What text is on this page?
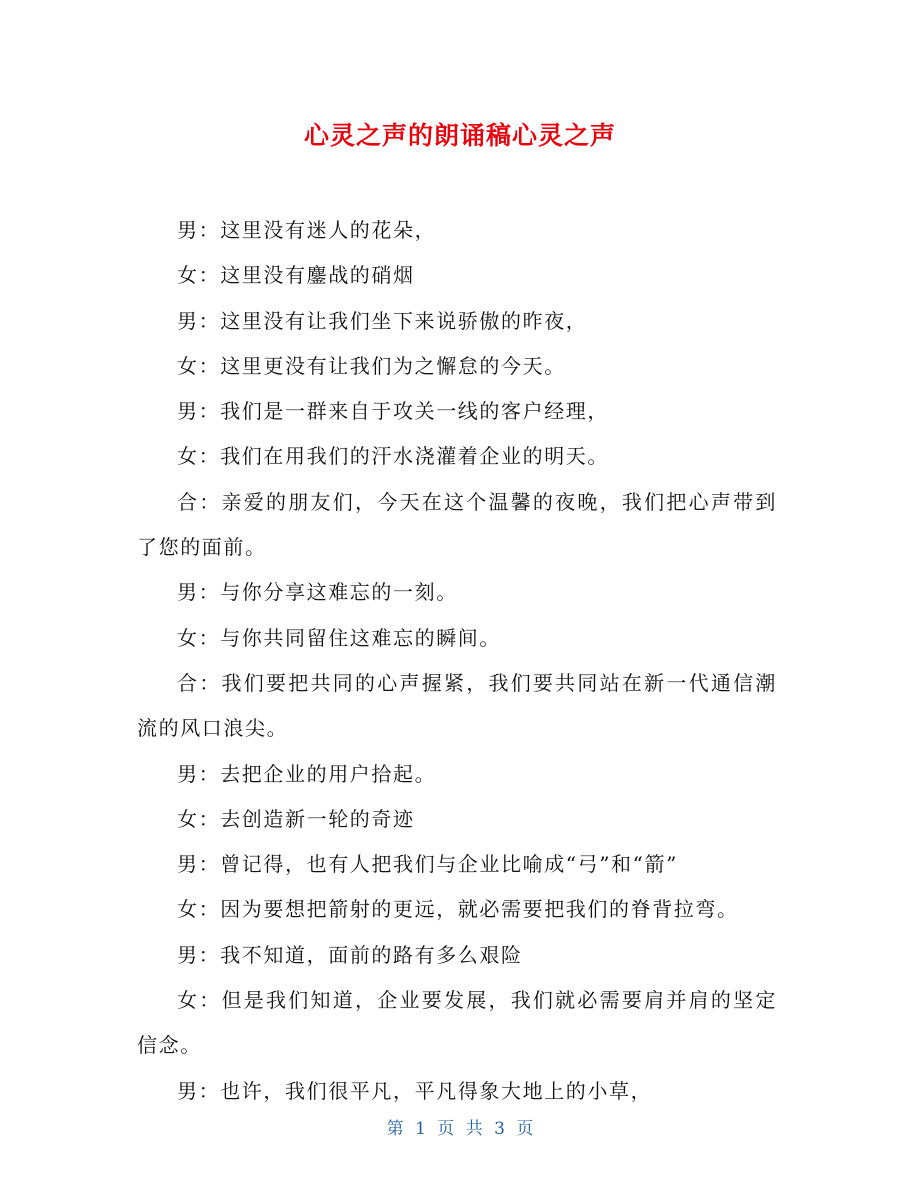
心灵之声的朗诵稿心灵之声

男：这里没有迷人的花朵，

女：这里没有鏖战的硝烟

男：这里没有让我们坐下来说骄傲的昨夜，

女：这里更没有让我们为之懈怠的今天。

男：我们是一群来自于攻关一线的客户经理，

女：我们在用我们的汗水浇灌着企业的明天。

合：亲爱的朋友们，今天在这个温馨的夜晚，我们把心声带到了您的面前。

男：与你分享这难忘的一刻。

女：与你共同留住这难忘的瞬间。

合：我们要把共同的心声握紧，我们要共同站在新一代通信潮流的风口浪尖。

男：去把企业的用户拾起。

女：去创造新一轮的奇迹

男：曾记得，也有人把我们与企业比喻成“弓”和“箭”

女：因为要想把箭射的更远，就必需要把我们的脊背拉弯。

男：我不知道，面前的路有多么艰险

女：但是我们知道，企业要发展，我们就必需要肩并肩的坚定信念。

男：也许，我们很平凡，平凡得象大地上的小草，

第 1 页 共 3 页
